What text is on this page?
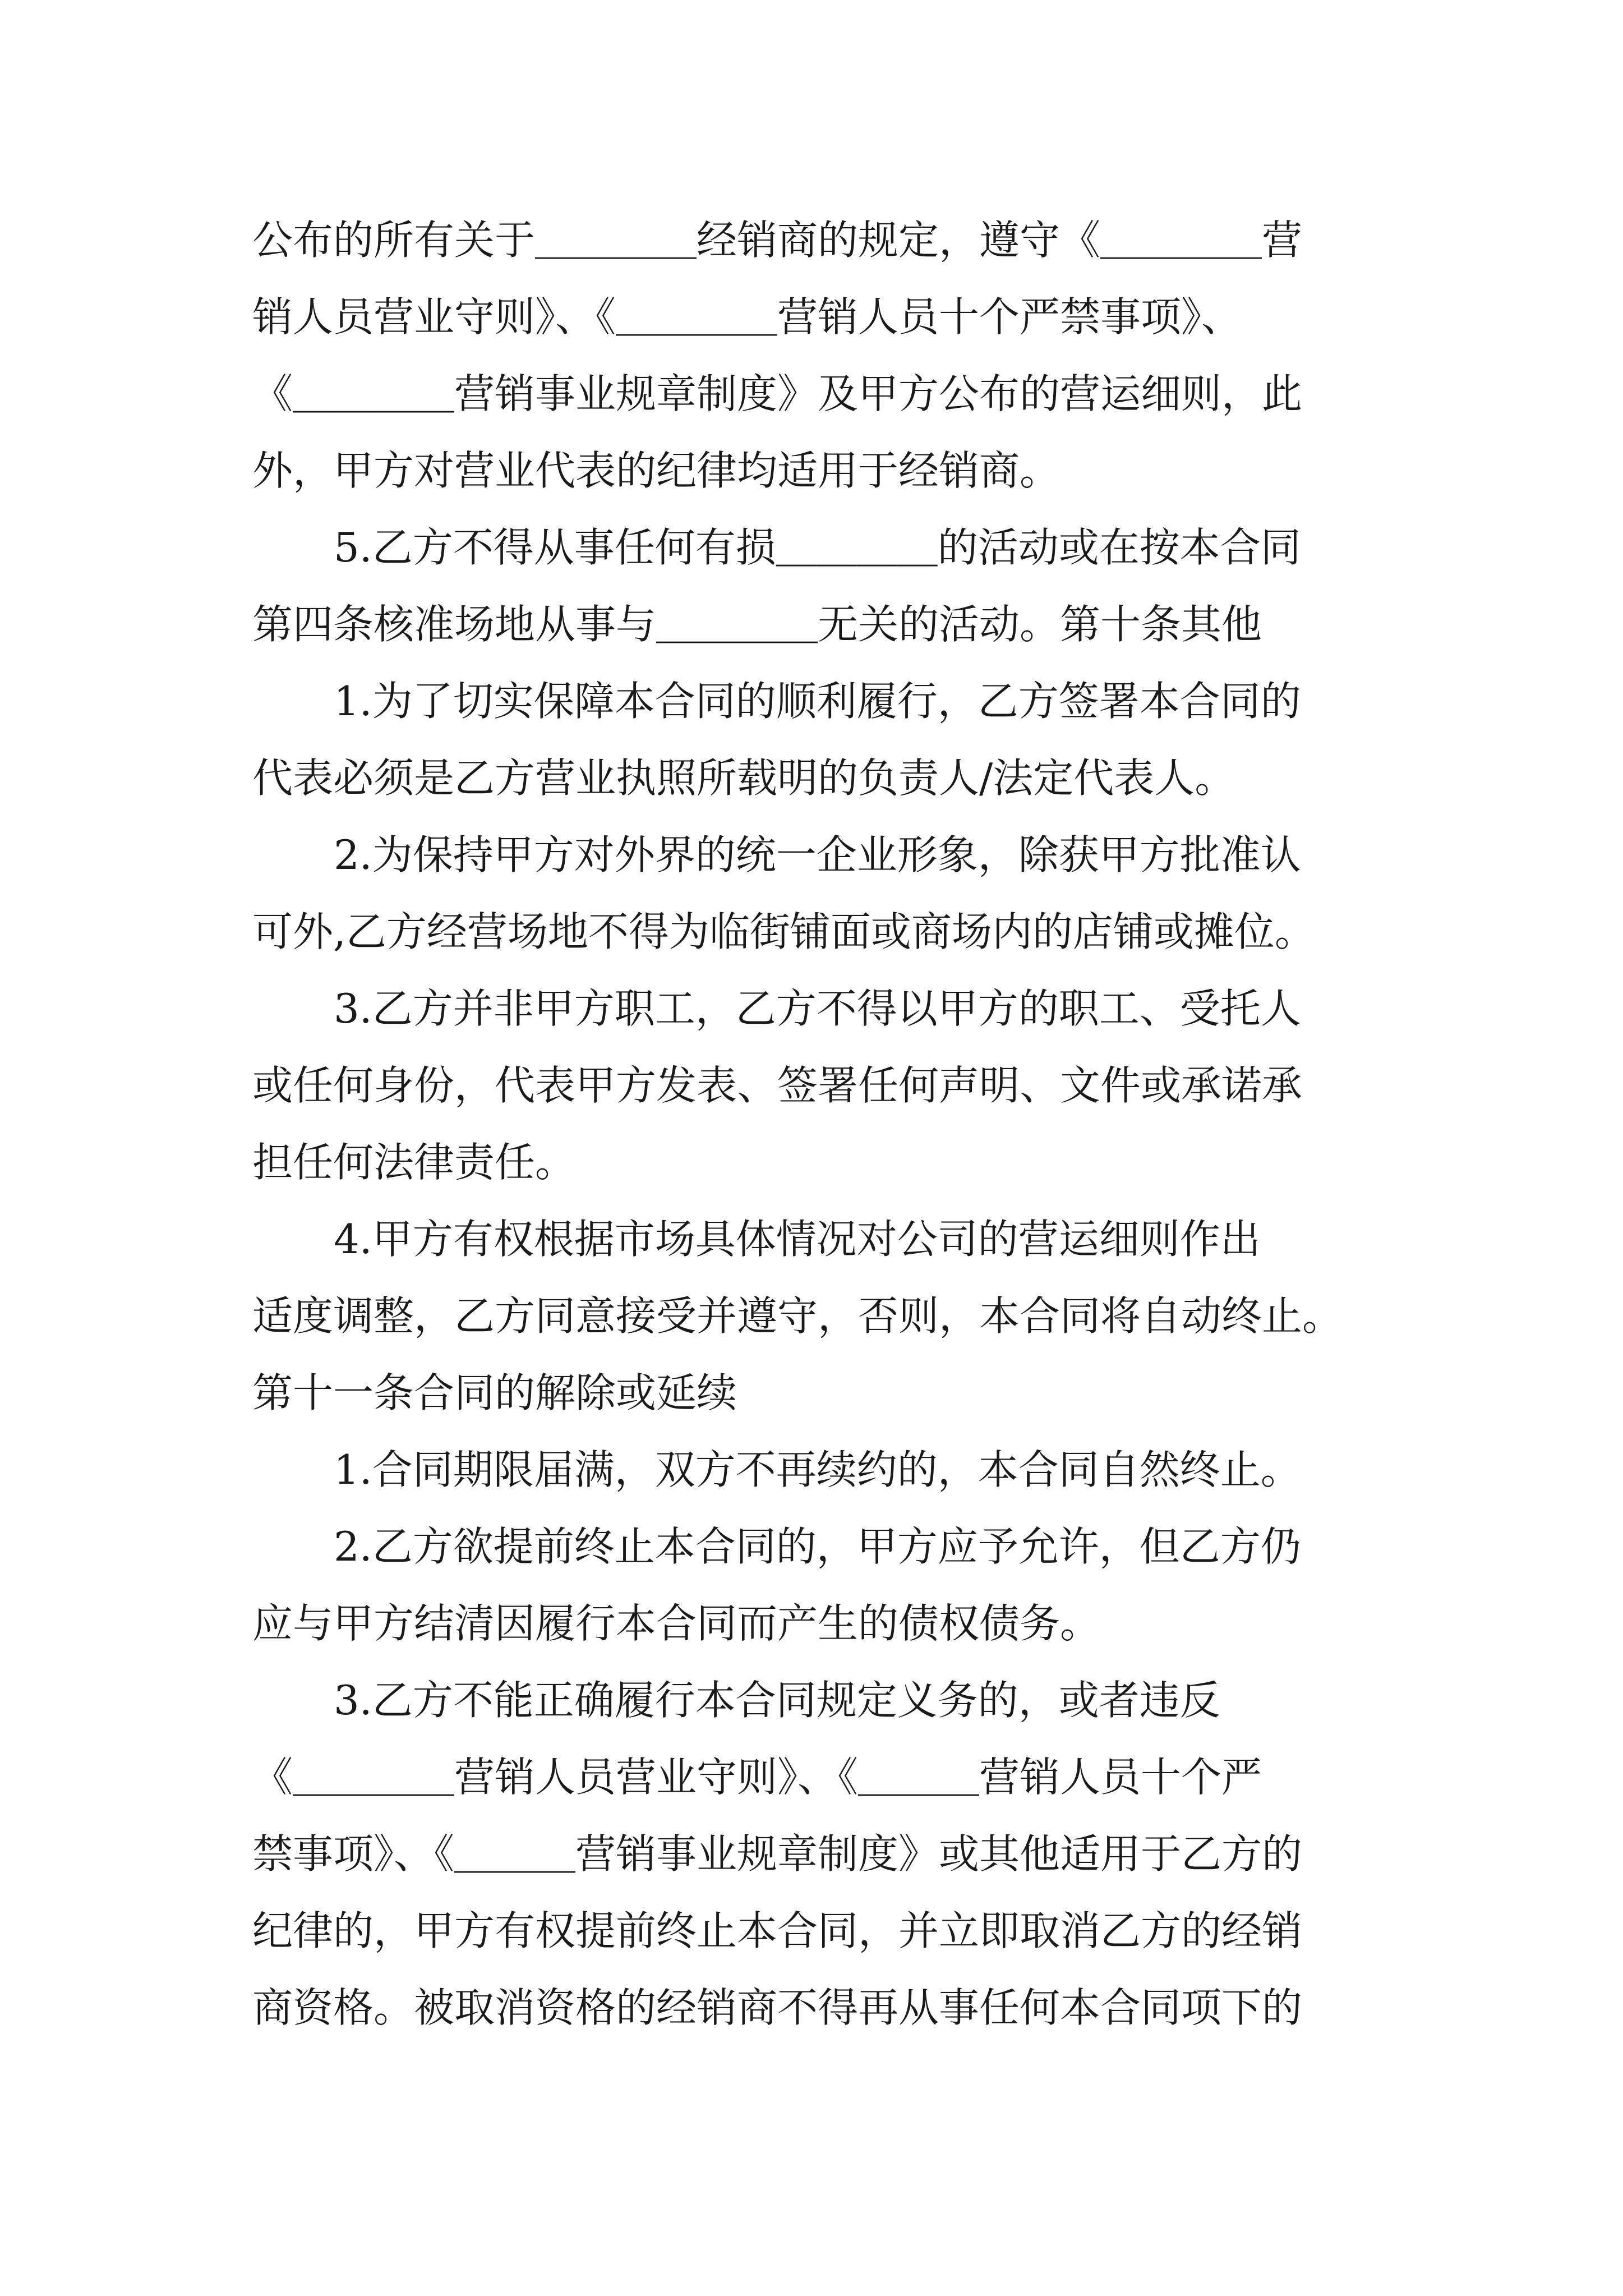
公布的所有关于＿＿＿＿经销商的规定，遵守《＿＿＿＿营

销人员营业守则》、《＿＿＿＿营销人员十个严禁事项》、

《＿＿＿＿营销事业规章制度》及甲方公布的营运细则，此

外，甲方对营业代表的纪律均适用于经销商。

5.乙方不得从事任何有损＿＿＿＿的活动或在按本合同

第四条核准场地从事与＿＿＿＿无关的活动。第十条其他

1.为了切实保障本合同的顺利履行，乙方签署本合同的

代表必须是乙方营业执照所载明的负责人/法定代表人。

2.为保持甲方对外界的统一企业形象，除获甲方批准认

可外,乙方经营场地不得为临街铺面或商场内的店铺或摊位。

3.乙方并非甲方职工，乙方不得以甲方的职工、受托人

或任何身份，代表甲方发表、签署任何声明、文件或承诺承

担任何法律责任。

4.甲方有权根据市场具体情况对公司的营运细则作出

适度调整，乙方同意接受并遵守，否则，本合同将自动终止。

第十一条合同的解除或延续

1.合同期限届满，双方不再续约的，本合同自然终止。

2.乙方欲提前终止本合同的，甲方应予允许，但乙方仍

应与甲方结清因履行本合同而产生的债权债务。

3.乙方不能正确履行本合同规定义务的，或者违反

《＿＿＿＿营销人员营业守则》、《＿＿＿营销人员十个严

禁事项》、《＿＿＿营销事业规章制度》或其他适用于乙方的

纪律的，甲方有权提前终止本合同，并立即取消乙方的经销

商资格。被取消资格的经销商不得再从事任何本合同项下的
